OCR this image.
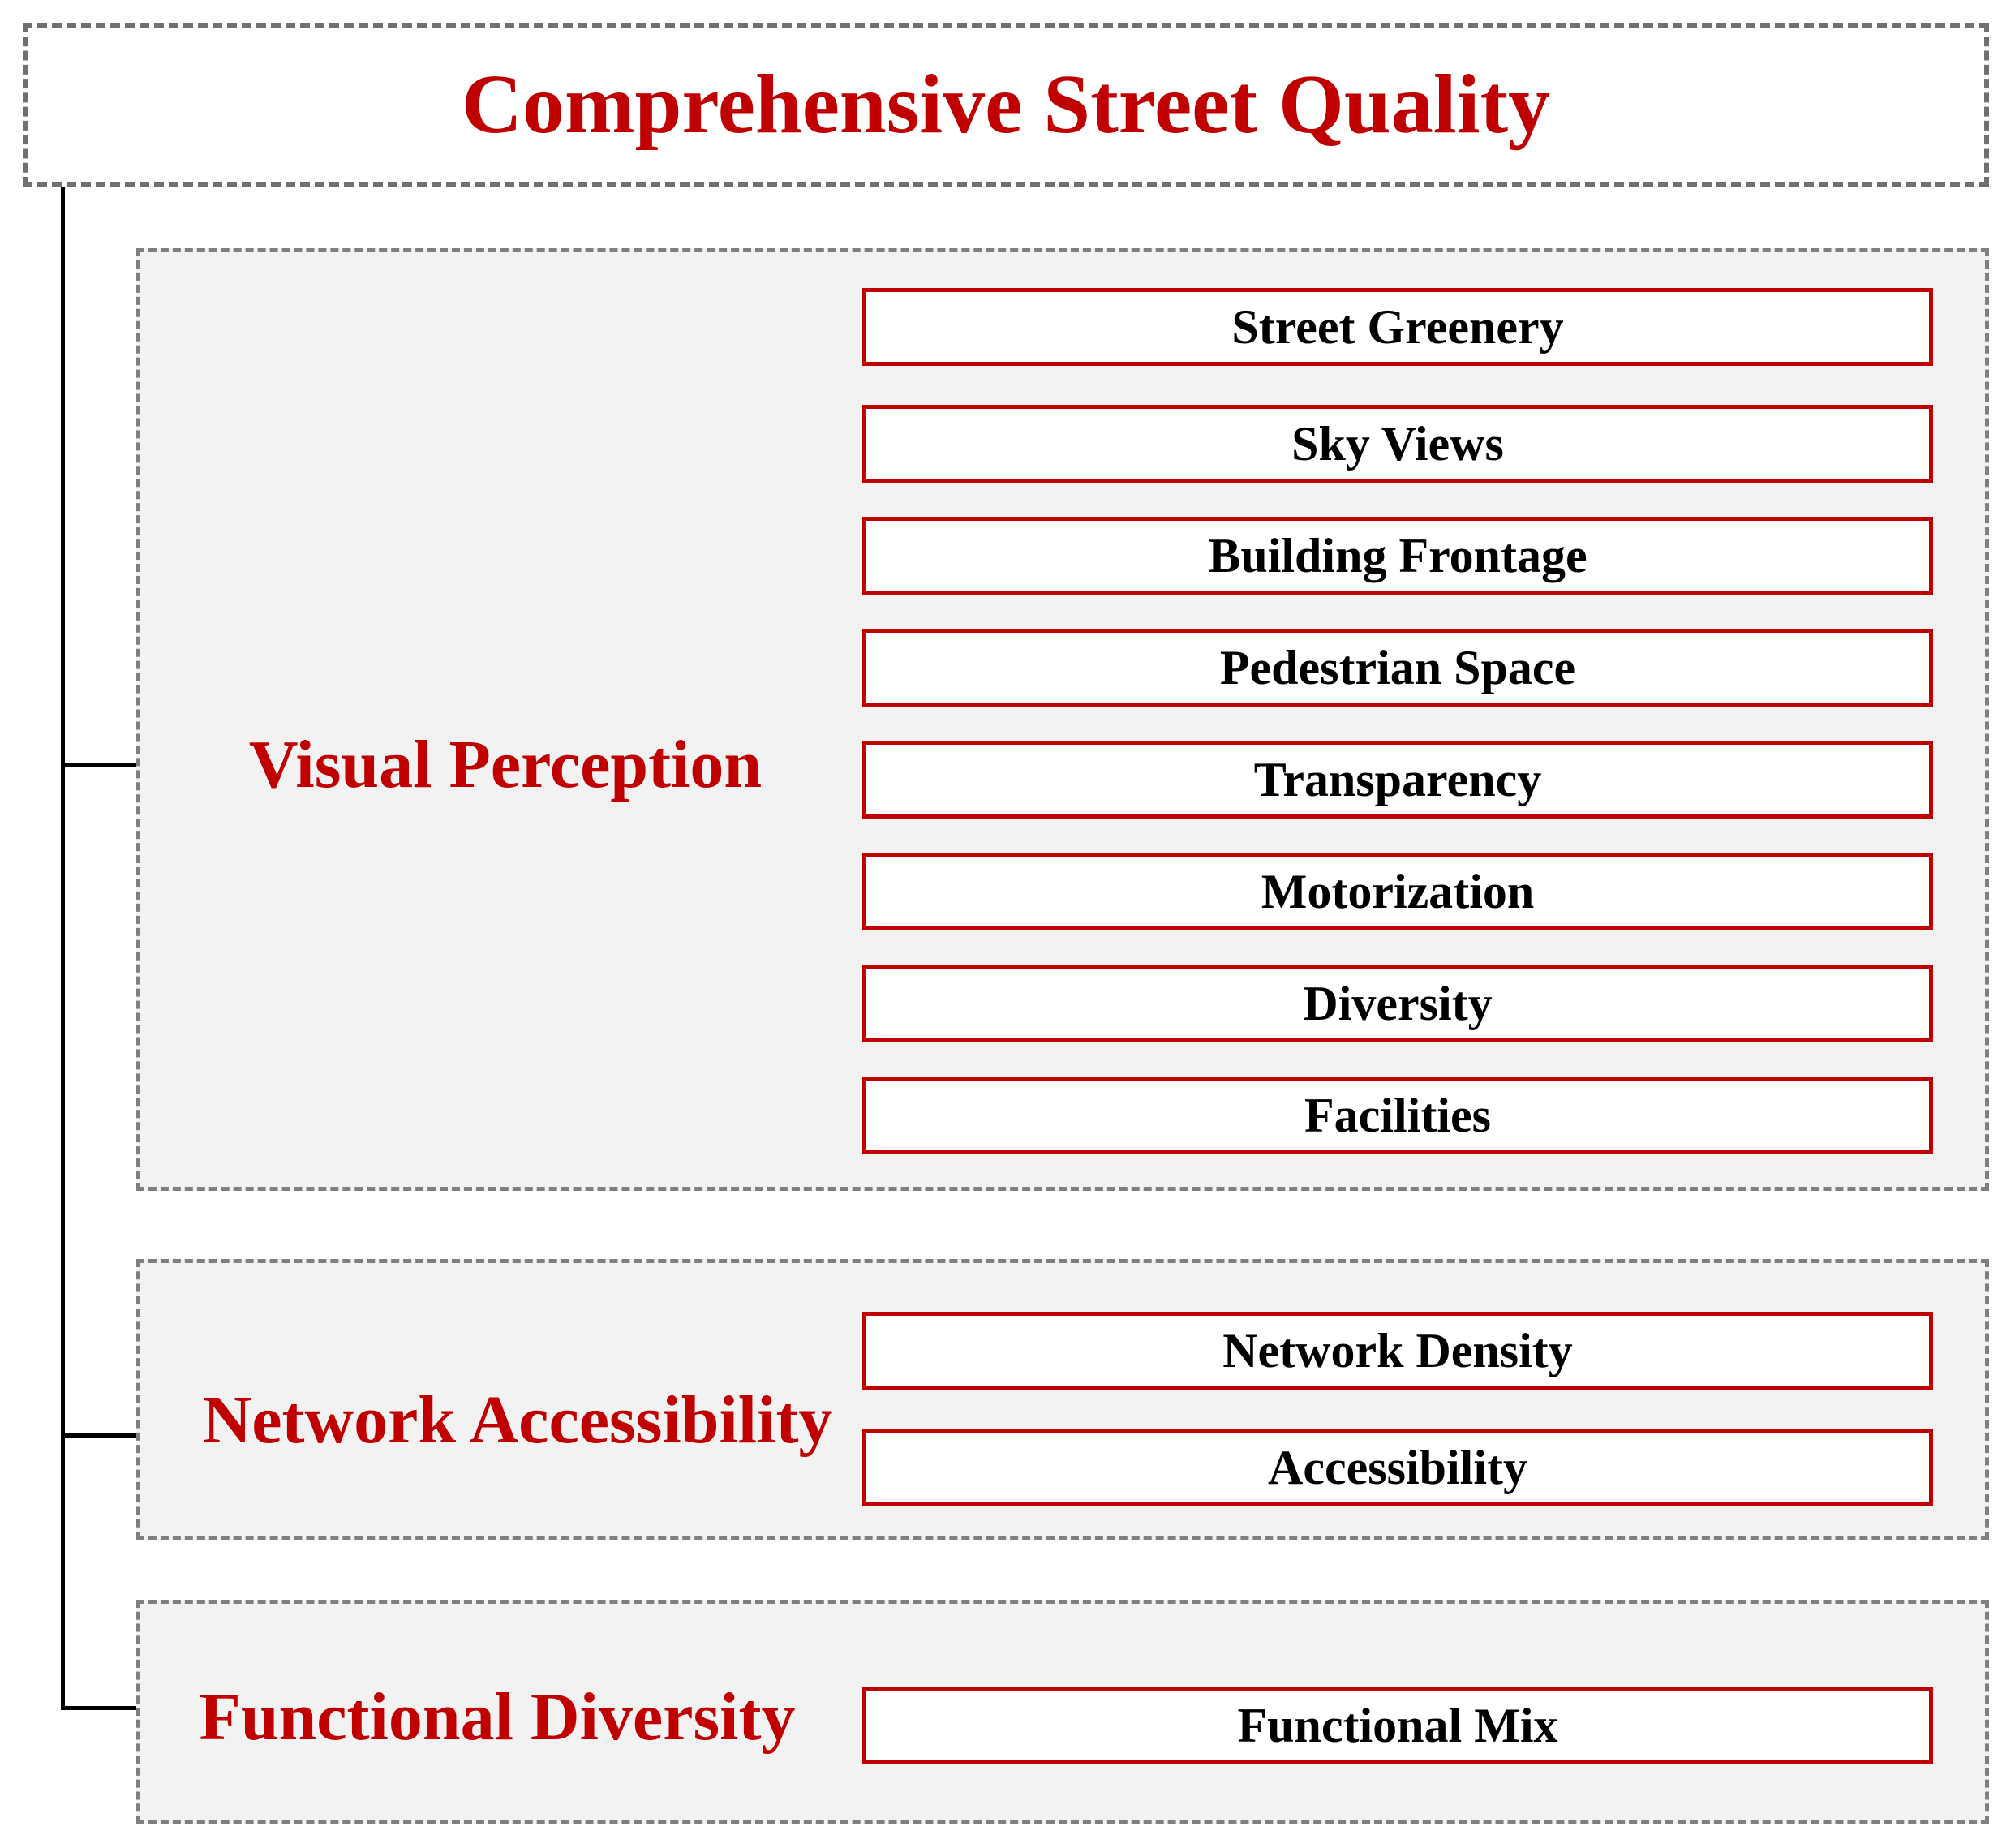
Comprehensive Street Quality
Visual Perception
Street Greenery
Sky Views
Building Frontage
Pedestrian Space
Transparency
Motorization
Diversity
Facilities
Network Accessibility
Network Density
Accessibility
Functional Diversity	Functional Mix
